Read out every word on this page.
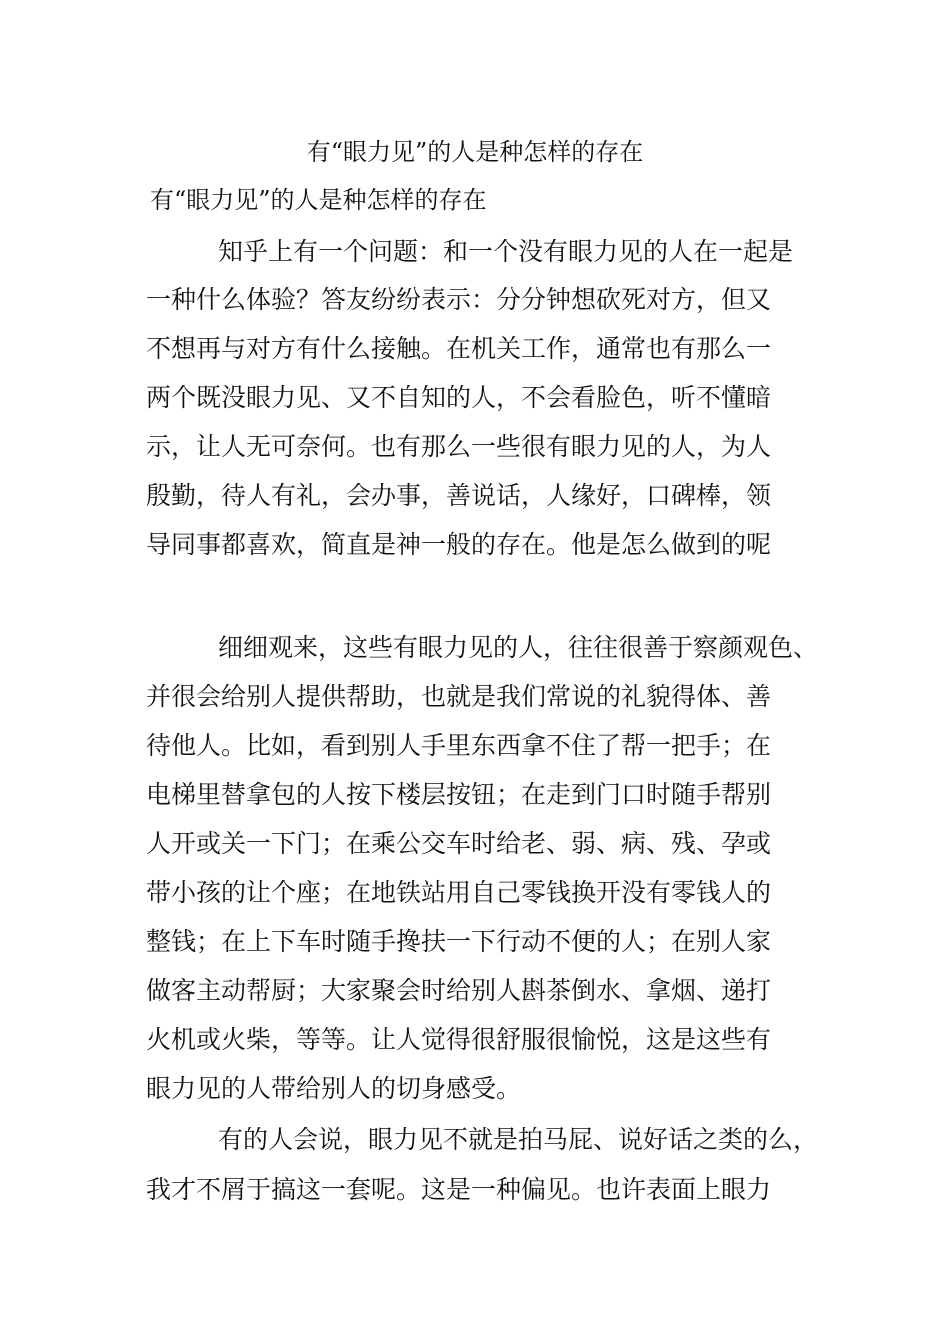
有“眼力见”的人是种怎样的存在

有“眼力见”的人是种怎样的存在

知乎上有一个问题：和一个没有眼力见的人在一起是

一种什么体验？答友纷纷表示：分分钟想砍死对方，但又

不想再与对方有什么接触。在机关工作，通常也有那么一

两个既没眼力见、又不自知的人，不会看脸色，听不懂暗

示，让人无可奈何。也有那么一些很有眼力见的人，为人

殷勤，待人有礼，会办事，善说话，人缘好，口碑棒，领

导同事都喜欢，简直是神一般的存在。他是怎么做到的呢

细细观来，这些有眼力见的人，往往很善于察颜观色、

并很会给别人提供帮助，也就是我们常说的礼貌得体、善

待他人。比如，看到别人手里东西拿不住了帮一把手；在

电梯里替拿包的人按下楼层按钮；在走到门口时随手帮别

人开或关一下门；在乘公交车时给老、弱、病、残、孕或

带小孩的让个座；在地铁站用自己零钱换开没有零钱人的

整钱；在上下车时随手搀扶一下行动不便的人；在别人家

做客主动帮厨；大家聚会时给别人斟茶倒水、拿烟、递打

火机或火柴，等等。让人觉得很舒服很愉悦，这是这些有

眼力见的人带给别人的切身感受。

有的人会说，眼力见不就是拍马屁、说好话之类的么，

我才不屑于搞这一套呢。这是一种偏见。也许表面上眼力
